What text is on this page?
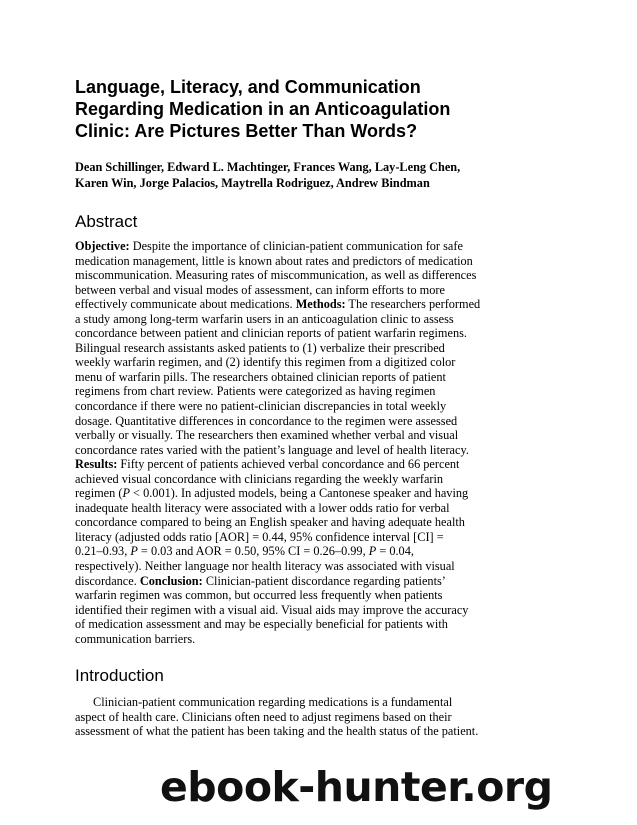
Language, Literacy, and Communication
Regarding Medication in an Anticoagulation
Clinic: Are Pictures Better Than Words?
Dean Schillinger, Edward L. Machtinger, Frances Wang, Lay-Leng Chen,
Karen Win, Jorge Palacios, Maytrella Rodriguez, Andrew Bindman
Abstract
Objective: Despite the importance of clinician-patient communication for safe
medication management, little is known about rates and predictors of medication
miscommunication. Measuring rates of miscommunication, as well as differences
between verbal and visual modes of assessment, can inform efforts to more
effectively communicate about medications. Methods: The researchers performed
a study among long-term warfarin users in an anticoagulation clinic to assess
concordance between patient and clinician reports of patient warfarin regimens.
Bilingual research assistants asked patients to (1) verbalize their prescribed
weekly warfarin regimen, and (2) identify this regimen from a digitized color
menu of warfarin pills. The researchers obtained clinician reports of patient
regimens from chart review. Patients were categorized as having regimen
concordance if there were no patient-clinician discrepancies in total weekly
dosage. Quantitative differences in concordance to the regimen were assessed
verbally or visually. The researchers then examined whether verbal and visual
concordance rates varied with the patient’s language and level of health literacy.
Results: Fifty percent of patients achieved verbal concordance and 66 percent
achieved visual concordance with clinicians regarding the weekly warfarin
regimen (P < 0.001). In adjusted models, being a Cantonese speaker and having
inadequate health literacy were associated with a lower odds ratio for verbal
concordance compared to being an English speaker and having adequate health
literacy (adjusted odds ratio [AOR] = 0.44, 95% confidence interval [CI] =
0.21–0.93, P = 0.03 and AOR = 0.50, 95% CI = 0.26–0.99, P = 0.04,
respectively). Neither language nor health literacy was associated with visual
discordance. Conclusion: Clinician-patient discordance regarding patients’
warfarin regimen was common, but occurred less frequently when patients
identified their regimen with a visual aid. Visual aids may improve the accuracy
of medication assessment and may be especially beneficial for patients with
communication barriers.
Introduction
Clinician-patient communication regarding medications is a fundamental
aspect of health care. Clinicians often need to adjust regimens based on their
assessment of what the patient has been taking and the health status of the patient.
ebook-hunter.org
